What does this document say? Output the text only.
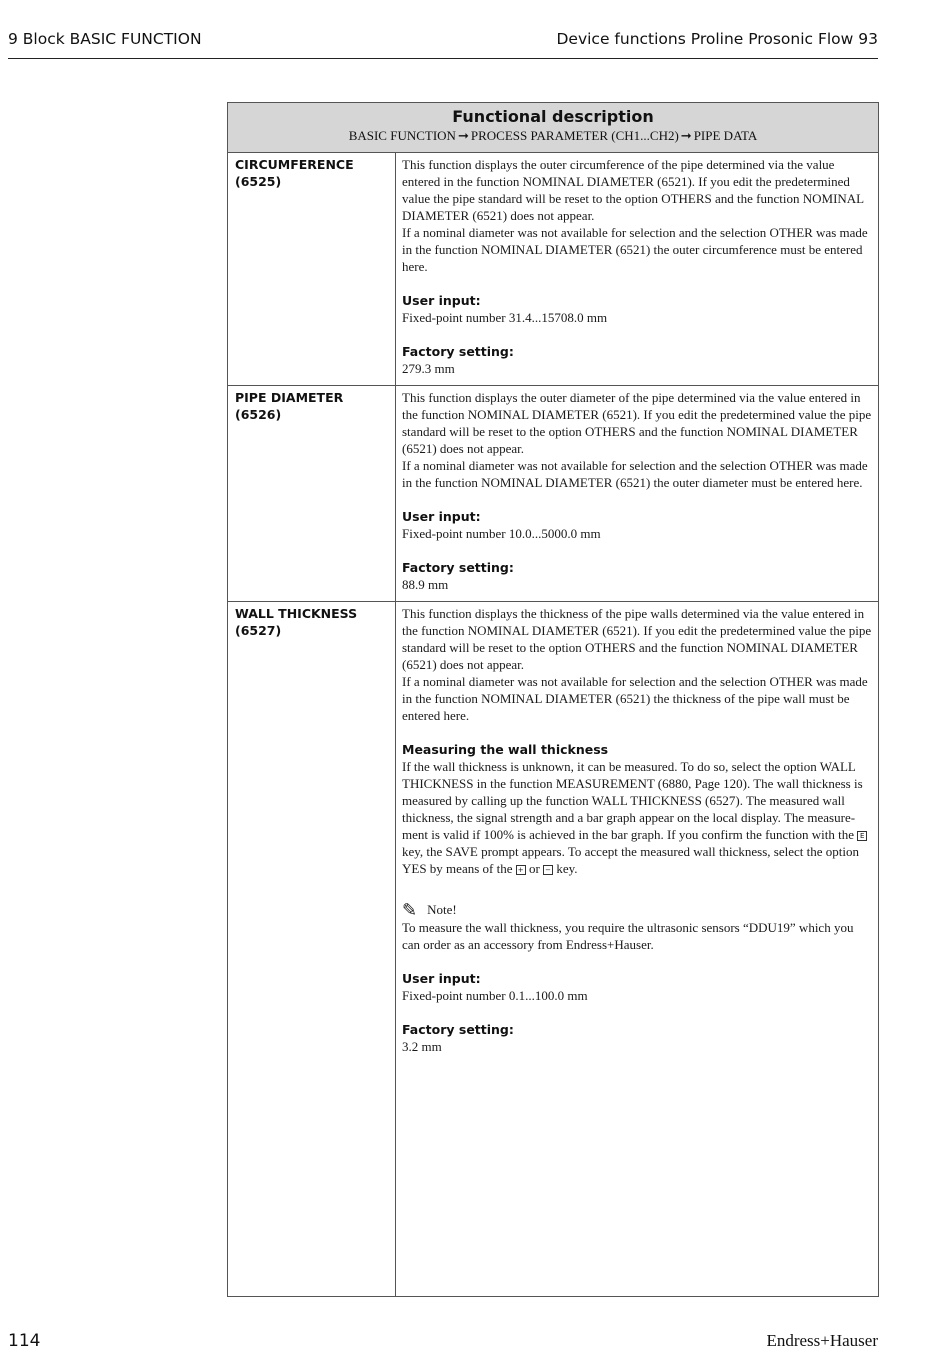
9 Block BASIC FUNCTION	Device functions Proline Prosonic Flow 93
Functional description
BASIC FUNCTION ➞ PROCESS PARAMETER (CH1...CH2) ➞ PIPE DATA
CIRCUMFERENCE
(6525)
This function displays the outer circumference of the pipe determined via the value
entered in the function NOMINAL DIAMETER (6521). If you edit the predetermined
value the pipe standard will be reset to the option OTHERS and the function NOMINAL
DIAMETER (6521) does not appear.
If a nominal diameter was not available for selection and the selection OTHER was made
in the function NOMINAL DIAMETER (6521) the outer circumference must be entered
here.
User input:
Fixed-point number 31.4...15708.0 mm
Factory setting:
279.3 mm
PIPE DIAMETER
(6526)
This function displays the outer diameter of the pipe determined via the value entered in
the function NOMINAL DIAMETER (6521). If you edit the predetermined value the pipe
standard will be reset to the option OTHERS and the function NOMINAL DIAMETER
(6521) does not appear.
If a nominal diameter was not available for selection and the selection OTHER was made
in the function NOMINAL DIAMETER (6521) the outer diameter must be entered here.
User input:
Fixed-point number 10.0...5000.0 mm
Factory setting:
88.9 mm
WALL THICKNESS
(6527)
This function displays the thickness of the pipe walls determined via the value entered in
the function NOMINAL DIAMETER (6521). If you edit the predetermined value the pipe
standard will be reset to the option OTHERS and the function NOMINAL DIAMETER
(6521) does not appear.
If a nominal diameter was not available for selection and the selection OTHER was made
in the function NOMINAL DIAMETER (6521) the thickness of the pipe wall must be
entered here.
Measuring the wall thickness
If the wall thickness is unknown, it can be measured. To do so, select the option WALL
THICKNESS in the function MEASUREMENT (6880, Page 120). The wall thickness is
measured by calling up the function WALL THICKNESS (6527). The measured wall
thickness, the signal strength and a bar graph appear on the local display. The measure-
ment is valid if 100% is achieved in the bar graph. If you confirm the function with the E
key, the SAVE prompt appears. To accept the measured wall thickness, select the option
YES by means of the + or − key.
✎ Note!
To measure the wall thickness, you require the ultrasonic sensors “DDU19” which you
can order as an accessory from Endress+Hauser.
User input:
Fixed-point number 0.1...100.0 mm
Factory setting:
3.2 mm
114	Endress+Hauser
